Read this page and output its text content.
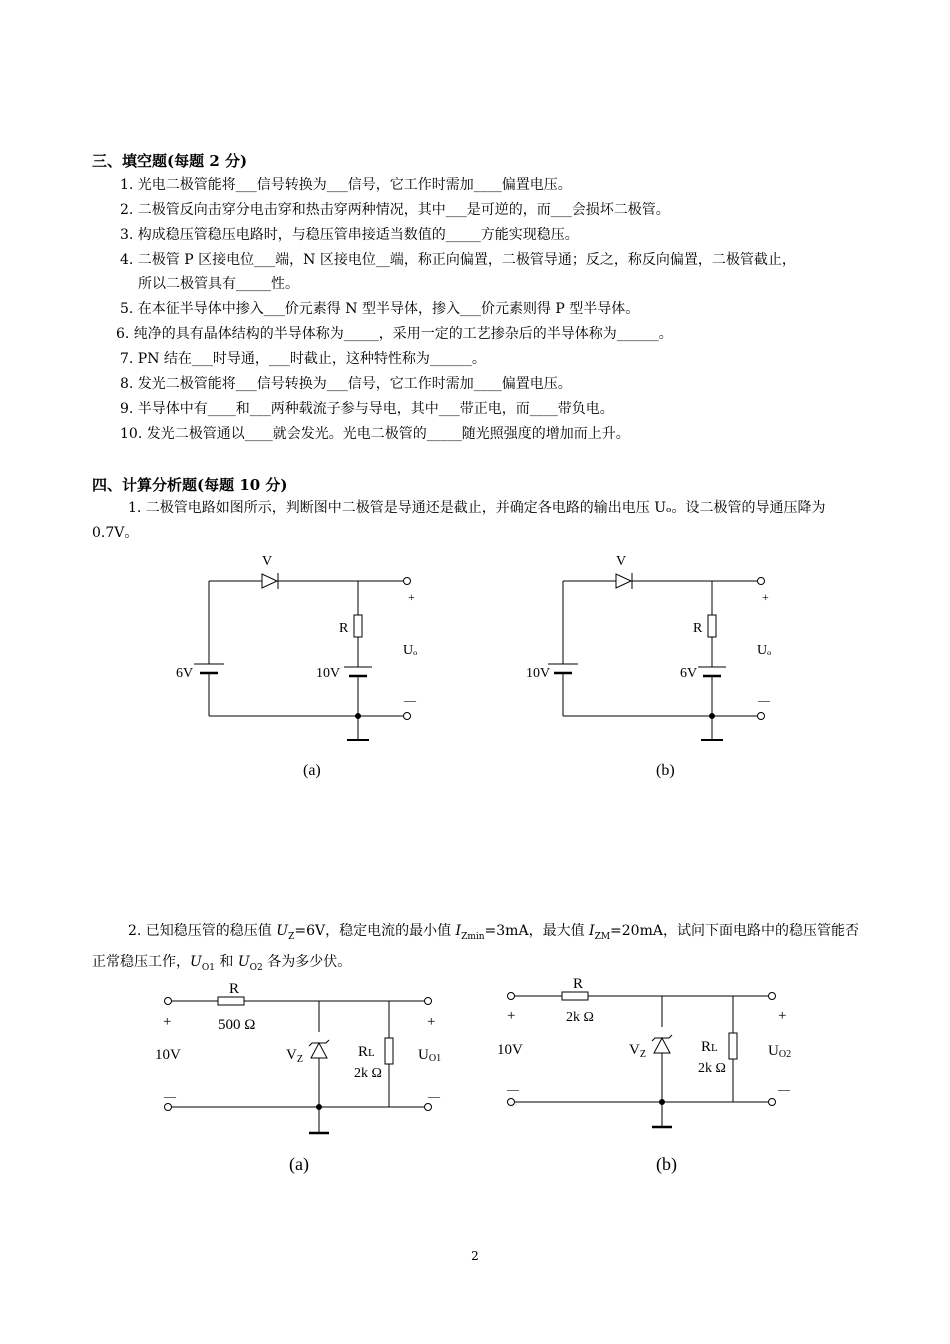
三、填空题(每题 2 分)
1. 光电二极管能将___信号转换为___信号，它工作时需加____偏置电压。
2. 二极管反向击穿分电击穿和热击穿两种情况，其中___是可逆的，而___会损坏二极管。
3. 构成稳压管稳压电路时，与稳压管串接适当数值的_____方能实现稳压。
4. 二极管 P 区接电位___端，N 区接电位__端，称正向偏置，二极管导通；反之，称反向偏置，二极管截止，
所以二极管具有_____性。
5. 在本征半导体中掺入___价元素得 N 型半导体，掺入___价元素则得 P 型半导体。
6. 纯净的具有晶体结构的半导体称为_____，采用一定的工艺掺杂后的半导体称为______。
7. PN 结在___时导通，___时截止，这种特性称为______。
8. 发光二极管能将___信号转换为___信号，它工作时需加____偏置电压。
9. 半导体中有____和___两种载流子参与导电，其中___带正电，而____带负电。
10. 发光二极管通以____就会发光。光电二极管的_____随光照强度的增加而上升。
四、计算分析题(每题 10 分)
1. 二极管电路如图所示，判断图中二极管是导通还是截止，并确定各电路的输出电压 Uₒ。设二极管的导通压降为 0.7V。
2. 已知稳压管的稳压值 $U_Z=6V$，稳定电流的最小值 $I_{Zmin}=3mA$，最大值 $I_{ZM}=20mA$，试问下面电路中的稳压管能否正常稳压工作，$U_{O1}$ 和 $U_{O2}$ 各为多少伏。
V
R
+
Uₒ
—
6V	10V
(a)
V
R
+
Uₒ
—
10V	6V
(b)
R
500 Ω
+	+
10V	$V_Z$	RL
2k Ω
UO1
—	—
(a)
R
2k Ω
+	+
10V	$V_Z$	RL
2k Ω
UO2
—	—
(b)
2
